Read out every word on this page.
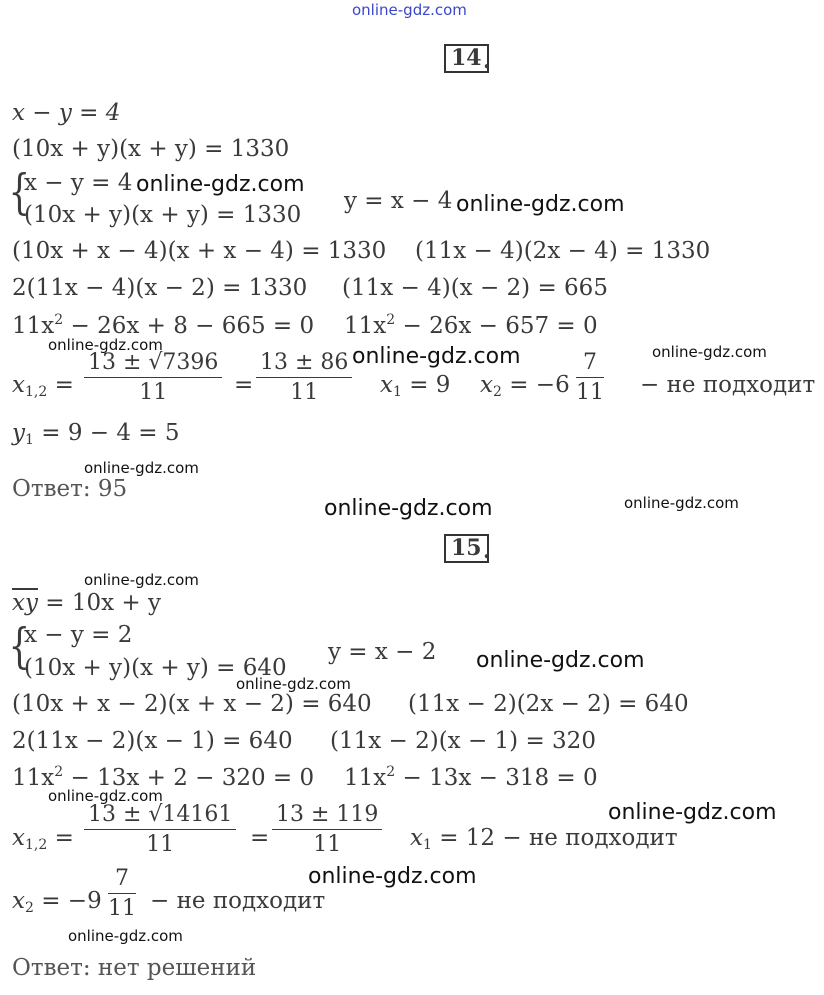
online-gdz.com
14 .
x − y = 4
(10x + y)(x + y) = 1330
{
x − y = 4
(10x + y)(x + y) = 1330
y = x − 4
(10x + x − 4)(x + x − 4) = 1330 (11x − 4)(2x − 4) = 1330
2(11x − 4)(x − 2) = 1330 (11x − 4)(x − 2) = 665
$11x^2 - 26x + 8 - 665 = 0$ $11x^2 - 26x - 657 = 0$
$x_{1,2}$ =
13 ± √7396
11	=
13 ± 86
11	$x_1 = 9$ $x_2 = -6$
7
11 − не подходит
$y_1 = 9 - 4 = 5$
Ответ: 95
15 .
$\overline{xy} = 10x + y$
{
x − y = 2
(10x + y)(x + y) = 640
y = x − 2
(10x + x − 2)(x + x − 2) = 640 (11x − 2)(2x − 2) = 640
2(11x − 2)(x − 1) = 640 (11x − 2)(x − 1) = 320
$11x^2 - 13x + 2 - 320 = 0$ $11x^2 - 13x - 318 = 0$
$x_{1,2}$ =
13 ± √14161
11	=
13 ± 119
11	$x_1 = 12$ − не подходит
$x_2 = -9$
7
11 − не подходит
Ответ: нет решений
online-gdz.com
online-gdz.com
online-gdz.com	online-gdz.com	online-gdz.com
online-gdz.com
online-gdz.com	online-gdz.com
online-gdz.com
online-gdz.com
online-gdz.com
online-gdz.com
online-gdz.com
online-gdz.com
online-gdz.com
